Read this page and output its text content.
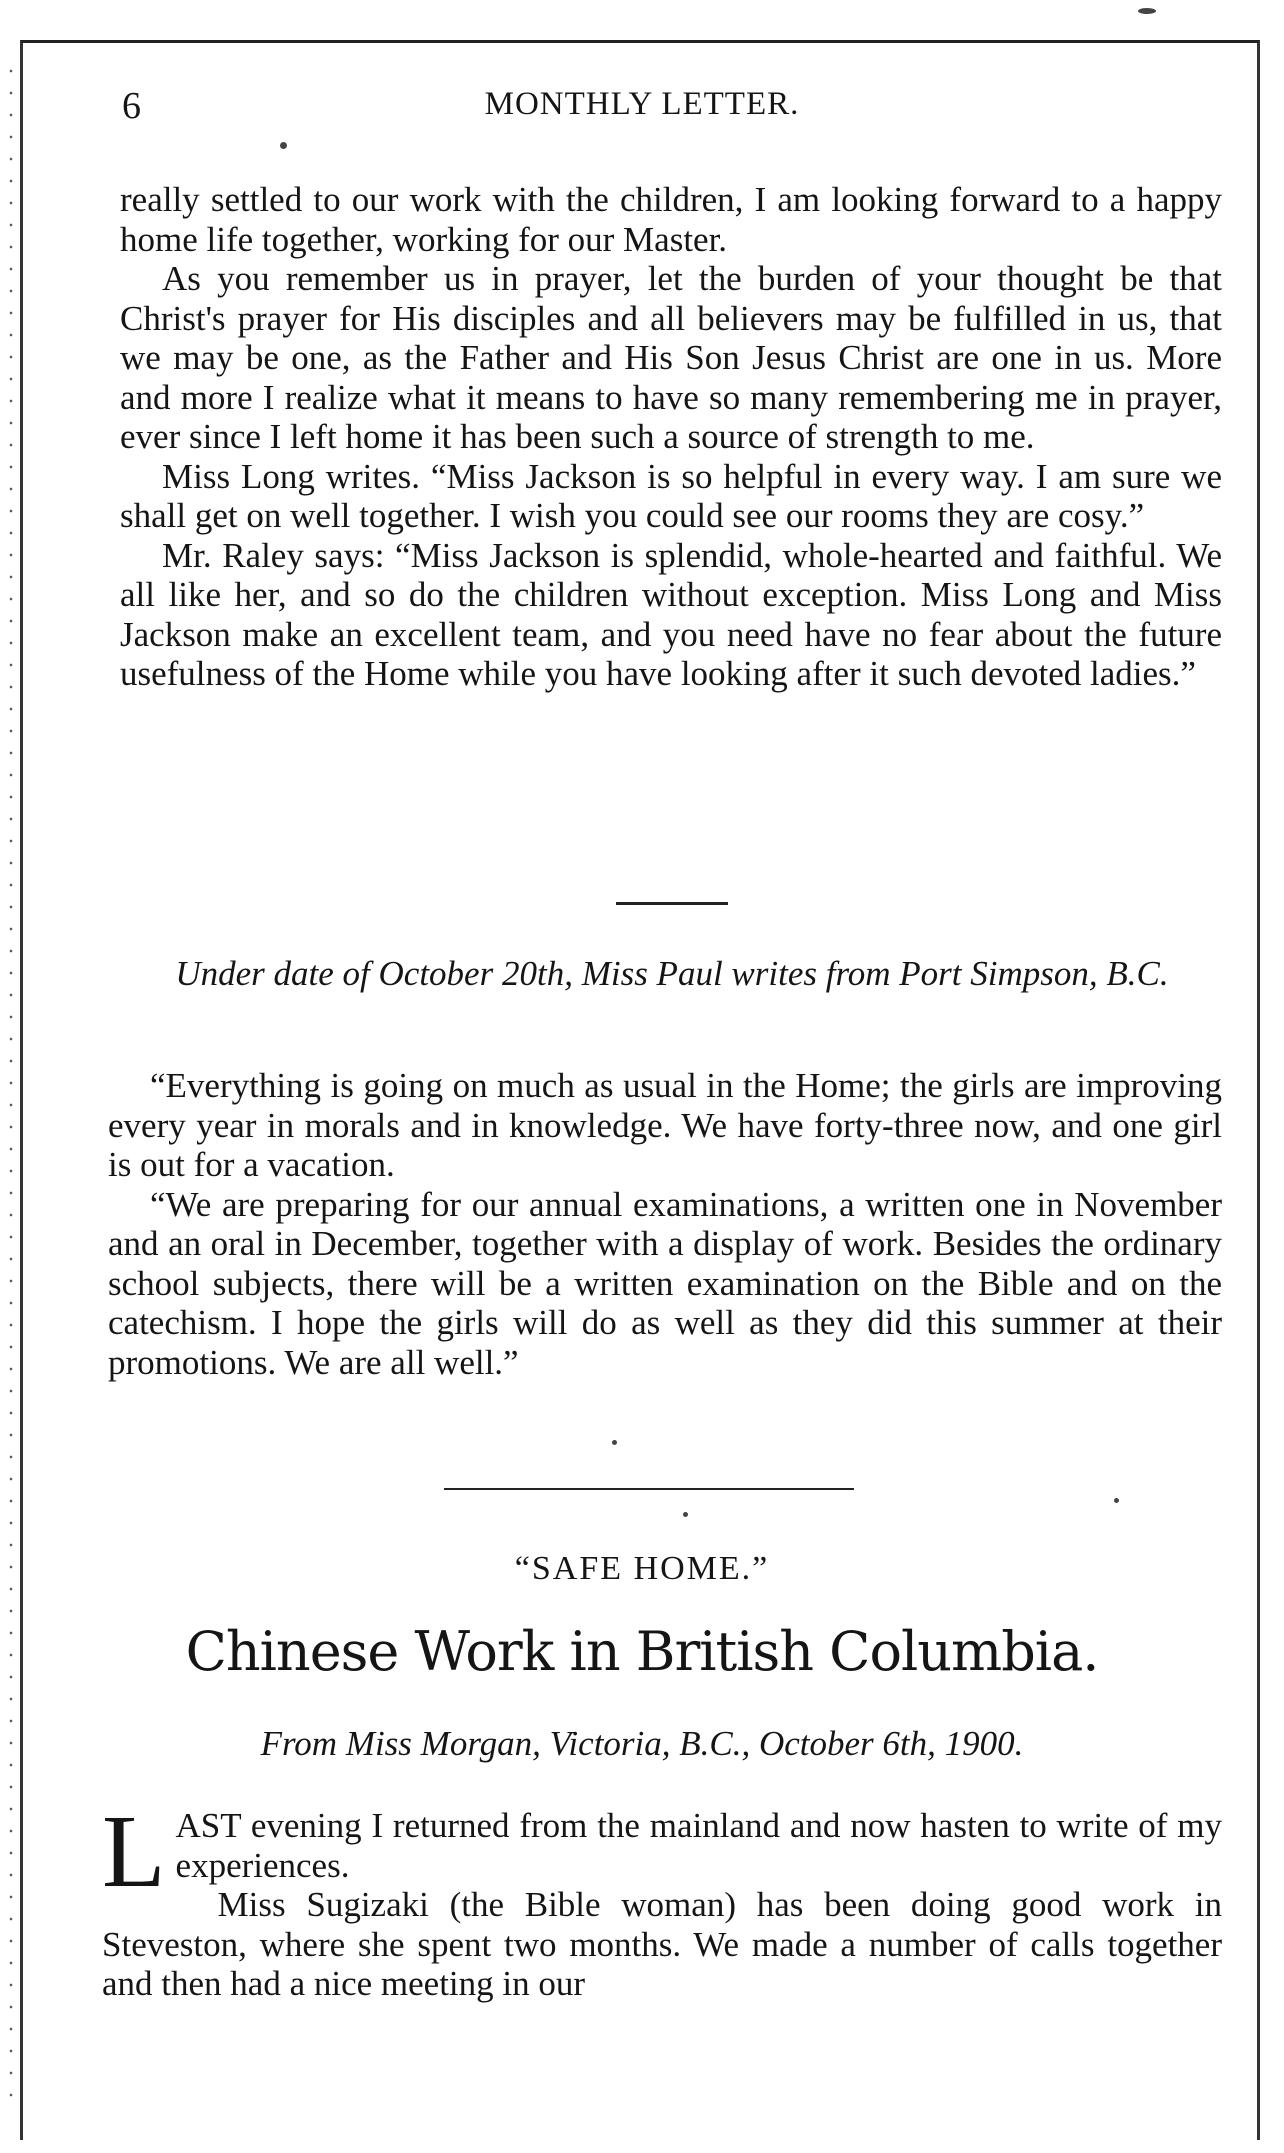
6	MONTHLY LETTER.

really settled to our work with the children, I am looking forward to a happy home life together, working for our Master.

As you remember us in prayer, let the burden of your thought be that Christ's prayer for His disciples and all believers may be fulfilled in us, that we may be one, as the Father and His Son Jesus Christ are one in us. More and more I realize what it means to have so many remembering me in prayer, ever since I left home it has been such a source of strength to me.

Miss Long writes. “Miss Jackson is so helpful in every way. I am sure we shall get on well together. I wish you could see our rooms they are cosy.”

Mr. Raley says: “Miss Jackson is splendid, whole-hearted and faithful. We all like her, and so do the children without exception. Miss Long and Miss Jackson make an excellent team, and you need have no fear about the future usefulness of the Home while you have looking after it such devoted ladies.”

Under date of October 20th, Miss Paul writes from Port Simpson, B.C.

“Everything is going on much as usual in the Home; the girls are improving every year in morals and in knowledge. We have forty-three now, and one girl is out for a vacation.

“We are preparing for our annual examinations, a written one in November and an oral in December, together with a display of work. Besides the ordinary school subjects, there will be a written examination on the Bible and on the catechism. I hope the girls will do as well as they did this summer at their promotions. We are all well.”

“SAFE HOME.”
Chinese Work in British Columbia.
From Miss Morgan, Victoria, B.C., October 6th, 1900.

LAST evening I returned from the mainland and now hasten to write of my experiences.

Miss Sugizaki (the Bible woman) has been doing good work in Steveston, where she spent two months. We made a number of calls together and then had a nice meeting in our
